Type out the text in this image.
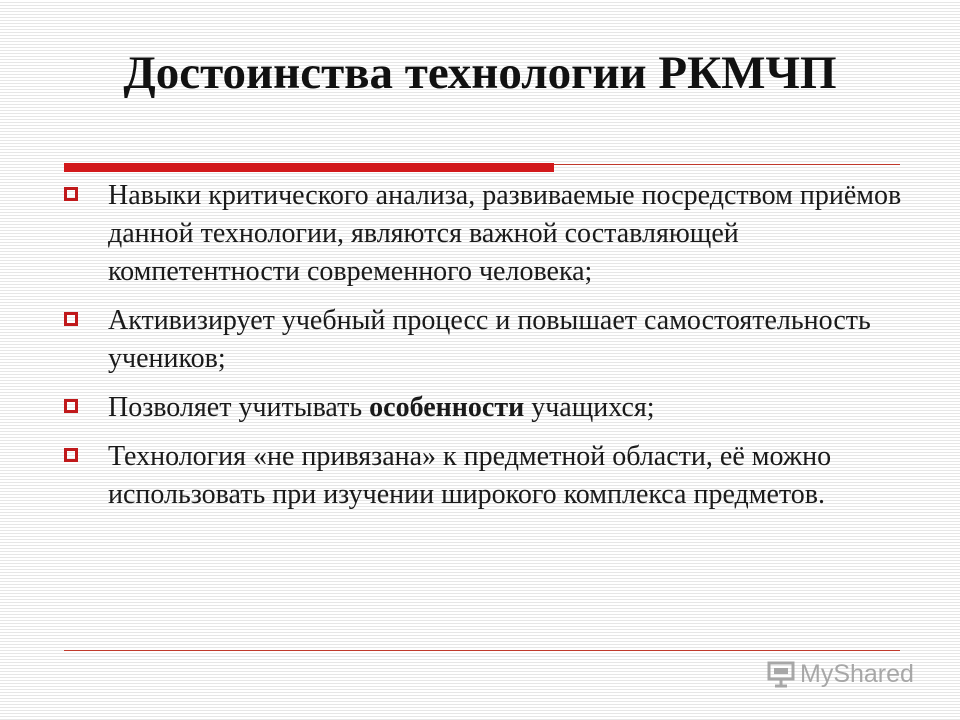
Достоинства технологии РКМЧП
Навыки критического анализа, развиваемые посредством приёмов данной технологии, являются важной составляющей компетентности современного человека;
Активизирует учебный процесс и повышает самостоятельность учеников;
Позволяет учитывать особенности учащихся;
Технология «не привязана» к предметной области, её можно использовать при изучении широкого комплекса предметов.
MyShared
